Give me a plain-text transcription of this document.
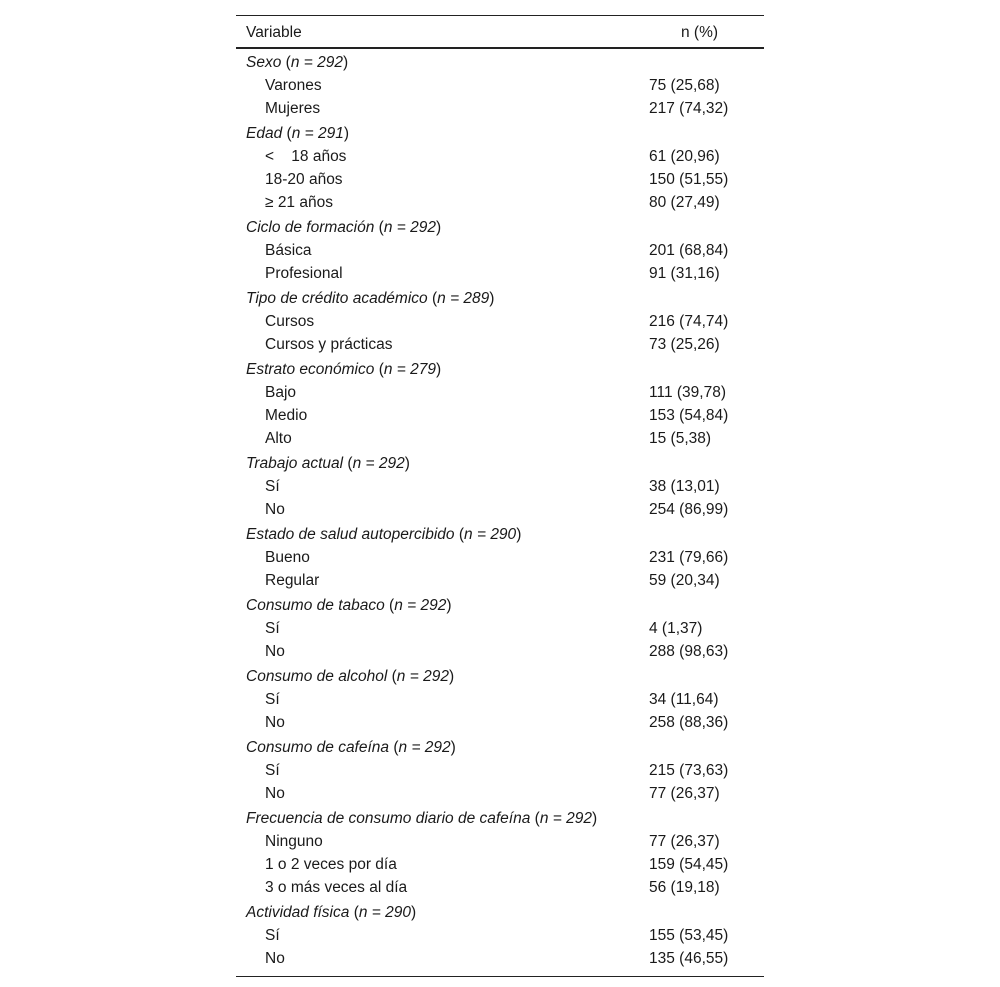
Variable	n (%)
Sexo (n = 292)
Varones	75 (25,68)
Mujeres	217 (74,32)
Edad (n = 291)
<    18 años	61 (20,96)
18-20 años	150 (51,55)
≥ 21 años	80 (27,49)
Ciclo de formación (n = 292)
Básica	201 (68,84)
Profesional	91 (31,16)
Tipo de crédito académico (n = 289)
Cursos	216 (74,74)
Cursos y prácticas	73 (25,26)
Estrato económico (n = 279)
Bajo	111 (39,78)
Medio	153 (54,84)
Alto	15 (5,38)
Trabajo actual (n = 292)
Sí	38 (13,01)
No	254 (86,99)
Estado de salud autopercibido (n = 290)
Bueno	231 (79,66)
Regular	59 (20,34)
Consumo de tabaco (n = 292)
Sí	4 (1,37)
No	288 (98,63)
Consumo de alcohol (n = 292)
Sí	34 (11,64)
No	258 (88,36)
Consumo de cafeína (n = 292)
Sí	215 (73,63)
No	77 (26,37)
Frecuencia de consumo diario de cafeína (n = 292)
Ninguno	77 (26,37)
1 o 2 veces por día	159 (54,45)
3 o más veces al día	56 (19,18)
Actividad física (n = 290)
Sí	155 (53,45)
No	135 (46,55)
